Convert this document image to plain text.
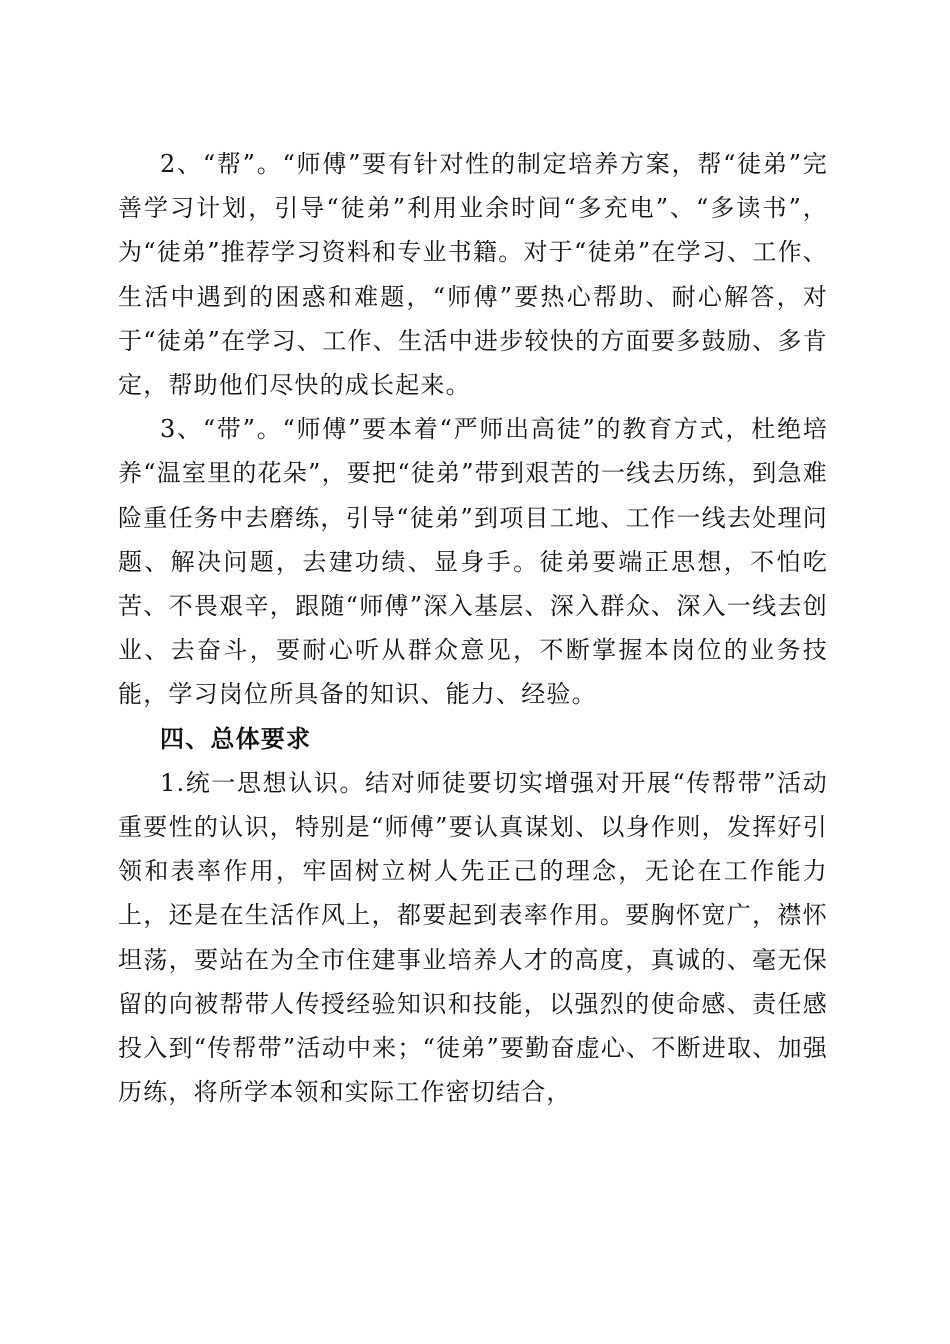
2、“帮”。“师傅”要有针对性的制定培养方案，帮“徒弟”完善学习计划，引导“徒弟”利用业余时间“多充电”、“多读书”，为“徒弟”推荐学习资料和专业书籍。对于“徒弟”在学习、工作、生活中遇到的困惑和难题，“师傅”要热心帮助、耐心解答，对于“徒弟”在学习、工作、生活中进步较快的方面要多鼓励、多肯定，帮助他们尽快的成长起来。

3、“带”。“师傅”要本着“严师出高徒”的教育方式，杜绝培养“温室里的花朵”，要把“徒弟”带到艰苦的一线去历练，到急难险重任务中去磨练，引导“徒弟”到项目工地、工作一线去处理问题、解决问题，去建功绩、显身手。徒弟要端正思想，不怕吃苦、不畏艰辛，跟随“师傅”深入基层、深入群众、深入一线去创业、去奋斗，要耐心听从群众意见，不断掌握本岗位的业务技能，学习岗位所具备的知识、能力、经验。

四、总体要求

1.统一思想认识。结对师徒要切实增强对开展“传帮带”活动重要性的认识，特别是“师傅”要认真谋划、以身作则，发挥好引领和表率作用，牢固树立树人先正己的理念，无论在工作能力上，还是在生活作风上，都要起到表率作用。要胸怀宽广，襟怀坦荡，要站在为全市住建事业培养人才的高度，真诚的、毫无保留的向被帮带人传授经验知识和技能，以强烈的使命感、责任感投入到“传帮带”活动中来；“徒弟”要勤奋虚心、不断进取、加强历练，将所学本领和实际工作密切结合，
